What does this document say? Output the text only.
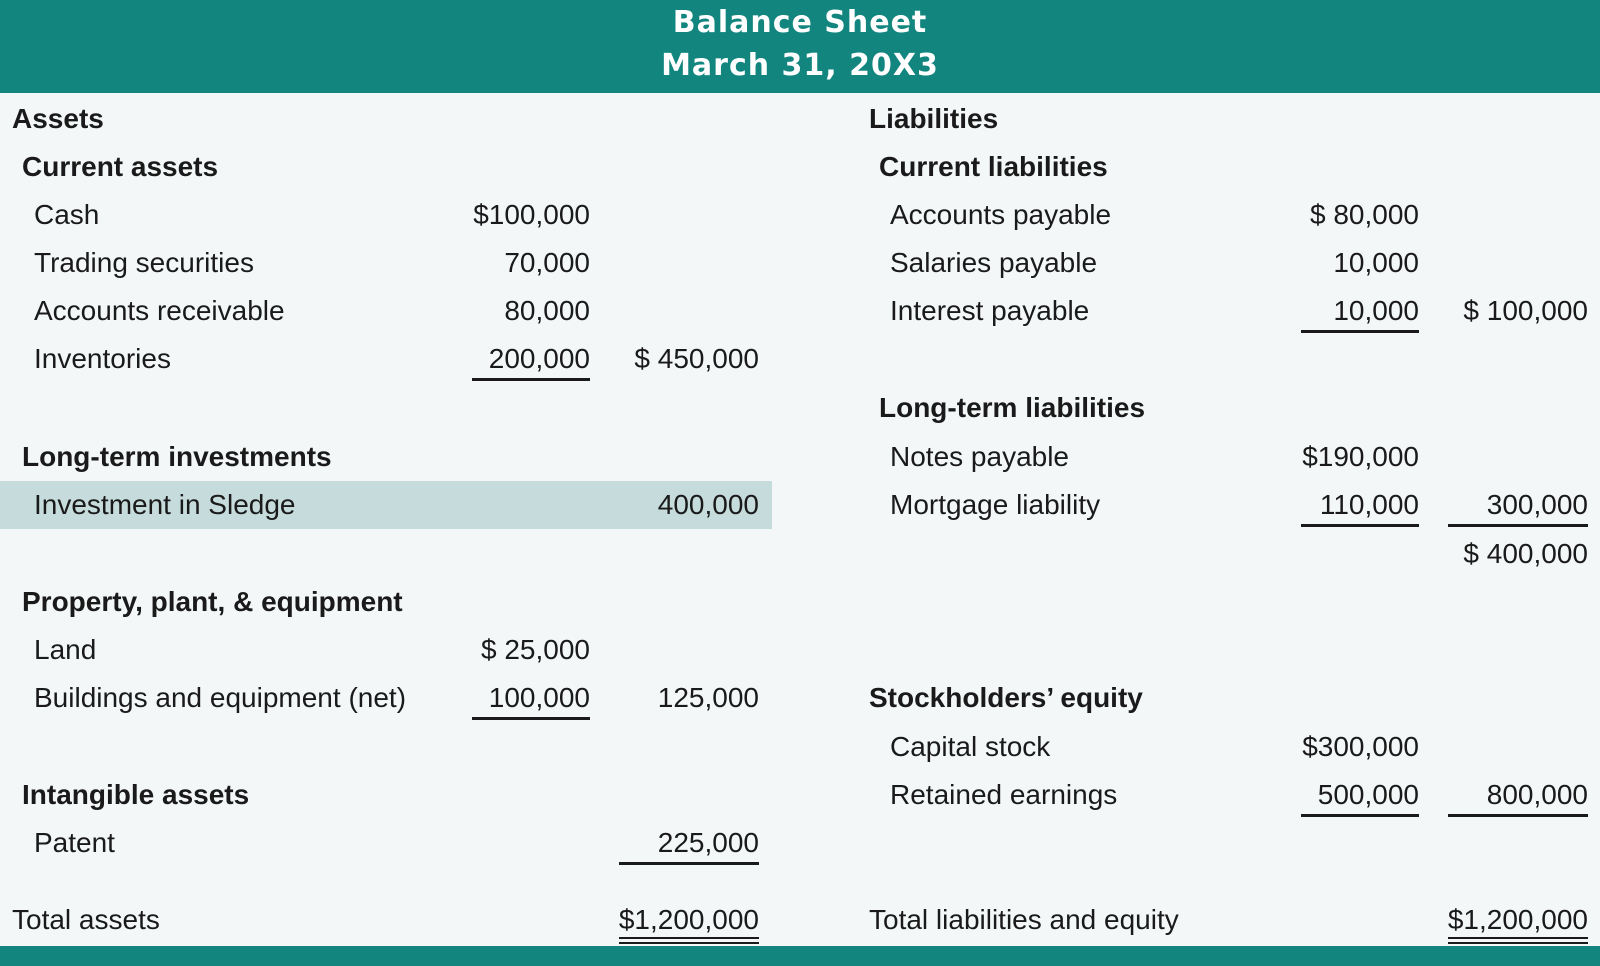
Balance Sheet
March 31, 20X3
Assets
Current assets
Cash	$100,000
Trading securities	70,000
Accounts receivable	80,000
Inventories	200,000 $ 450,000
Long-term investments
Investment in Sledge	400,000
Property, plant, & equipment
Land	$ 25,000
Buildings and equipment (net)	100,000 125,000
Intangible assets
Patent	225,000
Total assets	$1,200,000
Liabilities
Current liabilities
Accounts payable	$ 80,000
Salaries payable	10,000
Interest payable	10,000 $ 100,000
Long-term liabilities
Notes payable	$190,000
Mortgage liability	110,000 300,000
$ 400,000
Stockholders’ equity
Capital stock	$300,000
Retained earnings	500,000 800,000
Total liabilities and equity	$1,200,000
